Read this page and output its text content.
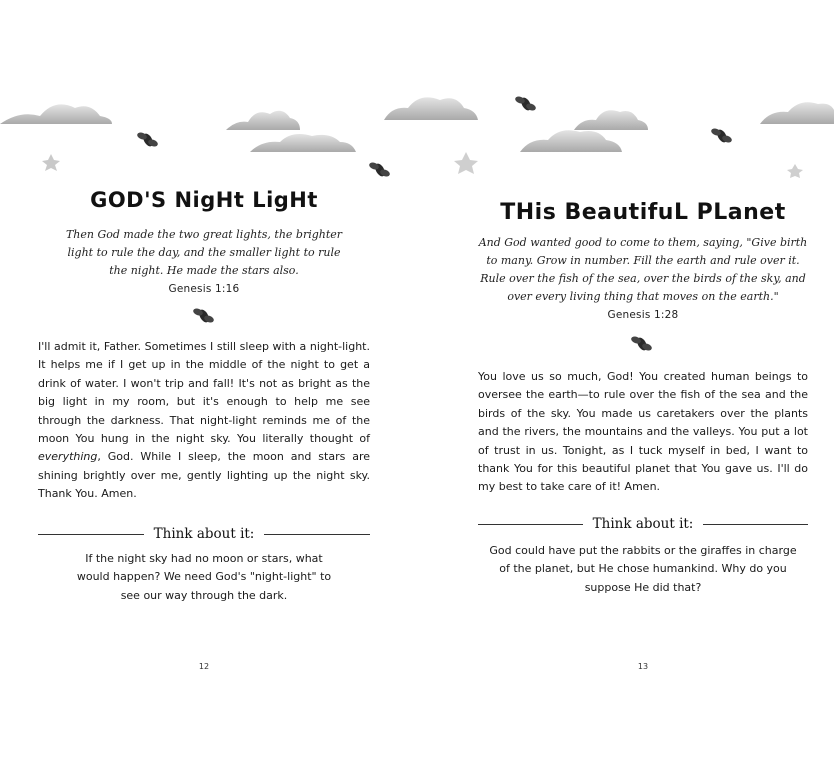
GOD'S NigHt LigHt
Then God made the two great lights, the brighter light to rule the day, and the smaller light to rule the night. He made the stars also.
Genesis 1:16
I'll admit it, Father. Sometimes I still sleep with a night-light. It helps me if I get up in the middle of the night to get a drink of water. I won't trip and fall! It's not as bright as the big light in my room, but it's enough to help me see through the darkness. That night-light reminds me of the moon You hung in the night sky. You literally thought of everything, God. While I sleep, the moon and stars are shining brightly over me, gently lighting up the night sky. Thank You. Amen.
Think about it:
If the night sky had no moon or stars, what would happen? We need God's "night-light" to see our way through the dark.
12
THis BeautifuL PLanet
And God wanted good to come to them, saying, "Give birth to many. Grow in number. Fill the earth and rule over it. Rule over the fish of the sea, over the birds of the sky, and over every living thing that moves on the earth."
Genesis 1:28
You love us so much, God! You created human beings to oversee the earth—to rule over the fish of the sea and the birds of the sky. You made us caretakers over the plants and the rivers, the mountains and the valleys. You put a lot of trust in us. Tonight, as I tuck myself in bed, I want to thank You for this beautiful planet that You gave us. I'll do my best to take care of it! Amen.
Think about it:
God could have put the rabbits or the giraffes in charge of the planet, but He chose humankind. Why do you suppose He did that?
13
